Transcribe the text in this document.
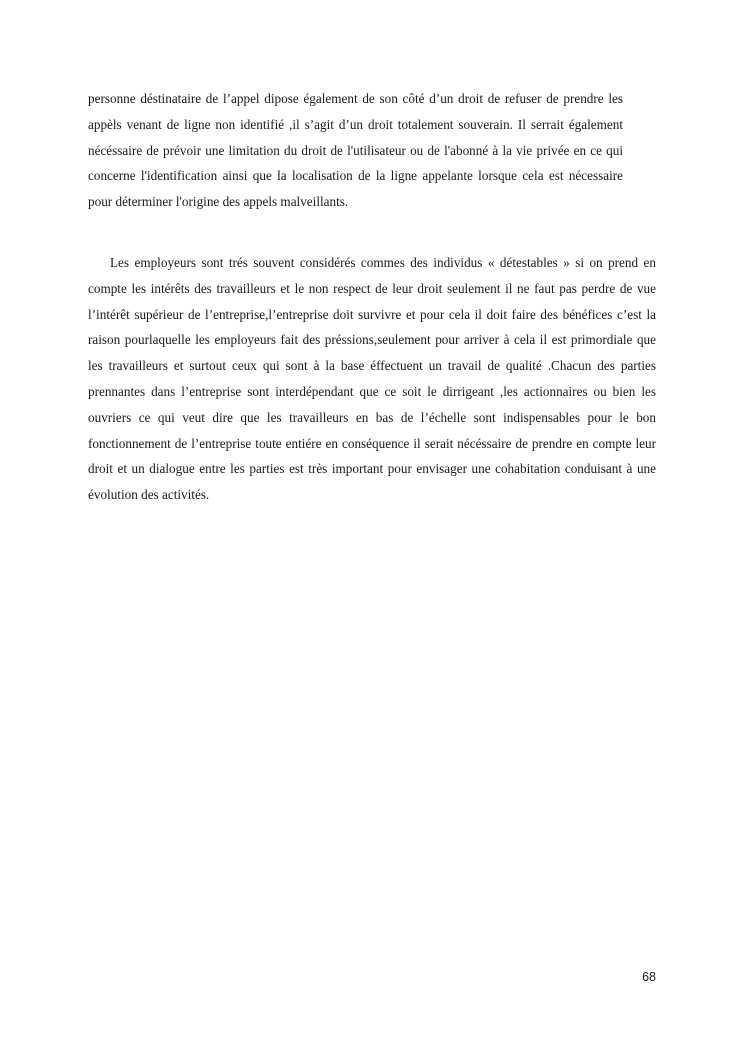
personne déstinataire de l’appel dipose également de son côté d’un droit de refuser de prendre les appèls venant de ligne non identifié ,il s’agit d’un droit totalement souverain. Il serrait également nécéssaire de prévoir une limitation du droit de l'utilisateur ou de l'abonné à la vie privée en ce qui concerne l'identification ainsi que la localisation de la ligne appelante lorsque cela est nécessaire pour déterminer l'origine des appels malveillants.

Les employeurs sont trés souvent considérés commes des individus « détestables » si on prend en compte les intérêts des travailleurs et le non respect de leur droit seulement il ne faut pas perdre de vue l’intérêt supérieur de l’entreprise,l’entreprise doit survivre et pour cela il doit faire des bénéfices c’est la raison pourlaquelle les employeurs fait des préssions,seulement pour arriver à cela il est primordiale que les travailleurs et surtout ceux qui sont à la base éffectuent un travail de qualité .Chacun des parties prennantes dans l’entreprise sont interdépendant que ce soit le dirrigeant ,les actionnaires ou bien les ouvriers ce qui veut dire que les travailleurs en bas de l’échelle sont indispensables pour le bon fonctionnement de l’entreprise toute entiére en conséquence il serait nécéssaire de prendre en compte leur droit et un dialogue entre les parties est très important pour envisager une cohabitation conduisant à une évolution des activités.

68
